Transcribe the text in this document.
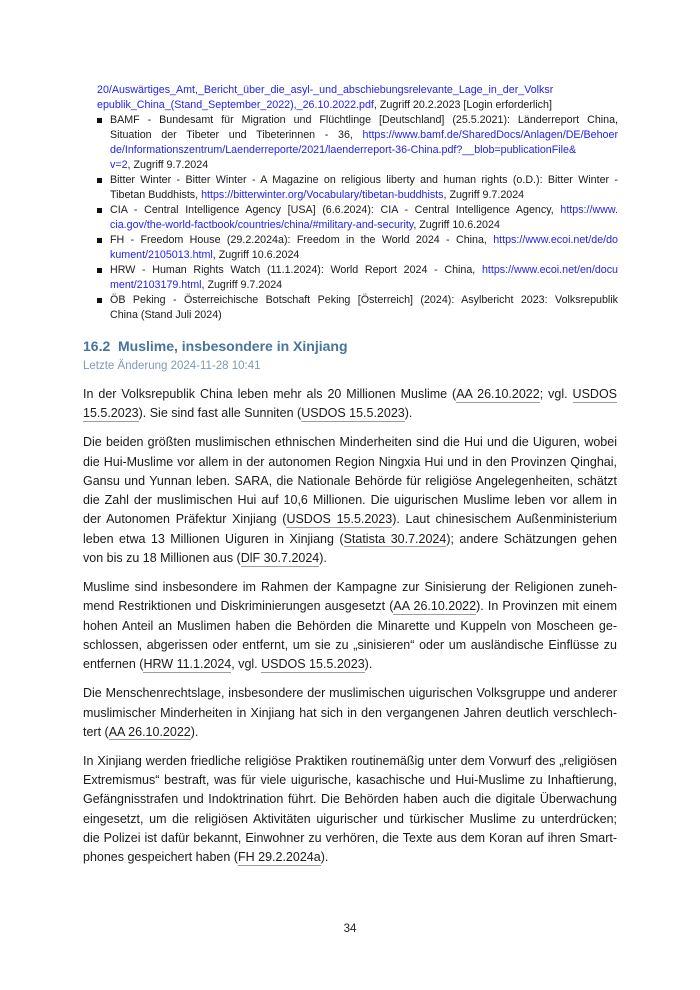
20/Auswärtiges_Amt,_Bericht_über_die_asyl-_und_abschiebungsrelevante_Lage_in_der_Volksr
epublik_China_(Stand_September_2022),_26.10.2022.pdf, Zugriff 20.2.2023 [Login erforderlich]
BAMF - Bundesamt für Migration und Flüchtlinge [Deutschland] (25.5.2021): Länderreport China,
Situation der Tibeter und Tibeterinnen - 36, https://www.bamf.de/SharedDocs/Anlagen/DE/Behoer
de/Informationszentrum/Laenderreporte/2021/laenderreport-36-China.pdf?__blob=publicationFile&
v=2, Zugriff 9.7.2024
Bitter Winter - Bitter Winter - A Magazine on religious liberty and human rights (o.D.): Bitter Winter -
Tibetan Buddhists, https://bitterwinter.org/Vocabulary/tibetan-buddhists, Zugriff 9.7.2024
CIA - Central Intelligence Agency [USA] (6.6.2024): CIA - Central Intelligence Agency, https://www.
cia.gov/the-world-factbook/countries/china/#military-and-security, Zugriff 10.6.2024
FH - Freedom House (29.2.2024a): Freedom in the World 2024 - China, https://www.ecoi.net/de/do
kument/2105013.html, Zugriff 10.6.2024
HRW - Human Rights Watch (11.1.2024): World Report 2024 - China, https://www.ecoi.net/en/docu
ment/2103179.html, Zugriff 9.7.2024
ÖB Peking - Österreichische Botschaft Peking [Österreich] (2024): Asylbericht 2023: Volksrepublik
China (Stand Juli 2024)
16.2 Muslime, insbesondere in Xinjiang
Letzte Änderung 2024-11-28 10:41
In der Volksrepublik China leben mehr als 20 Millionen Muslime (AA 26.10.2022; vgl. USDOS
15.5.2023). Sie sind fast alle Sunniten (USDOS 15.5.2023).
Die beiden größten muslimischen ethnischen Minderheiten sind die Hui und die Uiguren, wobei
die Hui-Muslime vor allem in der autonomen Region Ningxia Hui und in den Provinzen Qinghai,
Gansu und Yunnan leben. SARA, die Nationale Behörde für religiöse Angelegenheiten, schätzt
die Zahl der muslimischen Hui auf 10,6 Millionen. Die uigurischen Muslime leben vor allem in
der Autonomen Präfektur Xinjiang (USDOS 15.5.2023). Laut chinesischem Außenministerium
leben etwa 13 Millionen Uiguren in Xinjiang (Statista 30.7.2024); andere Schätzungen gehen
von bis zu 18 Millionen aus (DlF 30.7.2024).
Muslime sind insbesondere im Rahmen der Kampagne zur Sinisierung der Religionen zuneh-
mend Restriktionen und Diskriminierungen ausgesetzt (AA 26.10.2022). In Provinzen mit einem
hohen Anteil an Muslimen haben die Behörden die Minarette und Kuppeln von Moscheen ge-
schlossen, abgerissen oder entfernt, um sie zu „sinisieren“ oder um ausländische Einflüsse zu
entfernen (HRW 11.1.2024, vgl. USDOS 15.5.2023).
Die Menschenrechtslage, insbesondere der muslimischen uigurischen Volksgruppe und anderer
muslimischer Minderheiten in Xinjiang hat sich in den vergangenen Jahren deutlich verschlech-
tert (AA 26.10.2022).
In Xinjiang werden friedliche religiöse Praktiken routinemäßig unter dem Vorwurf des „religiösen
Extremismus“ bestraft, was für viele uigurische, kasachische und Hui-Muslime zu Inhaftierung,
Gefängnisstrafen und Indoktrination führt. Die Behörden haben auch die digitale Überwachung
eingesetzt, um die religiösen Aktivitäten uigurischer und türkischer Muslime zu unterdrücken;
die Polizei ist dafür bekannt, Einwohner zu verhören, die Texte aus dem Koran auf ihren Smart-
phones gespeichert haben (FH 29.2.2024a).
34
